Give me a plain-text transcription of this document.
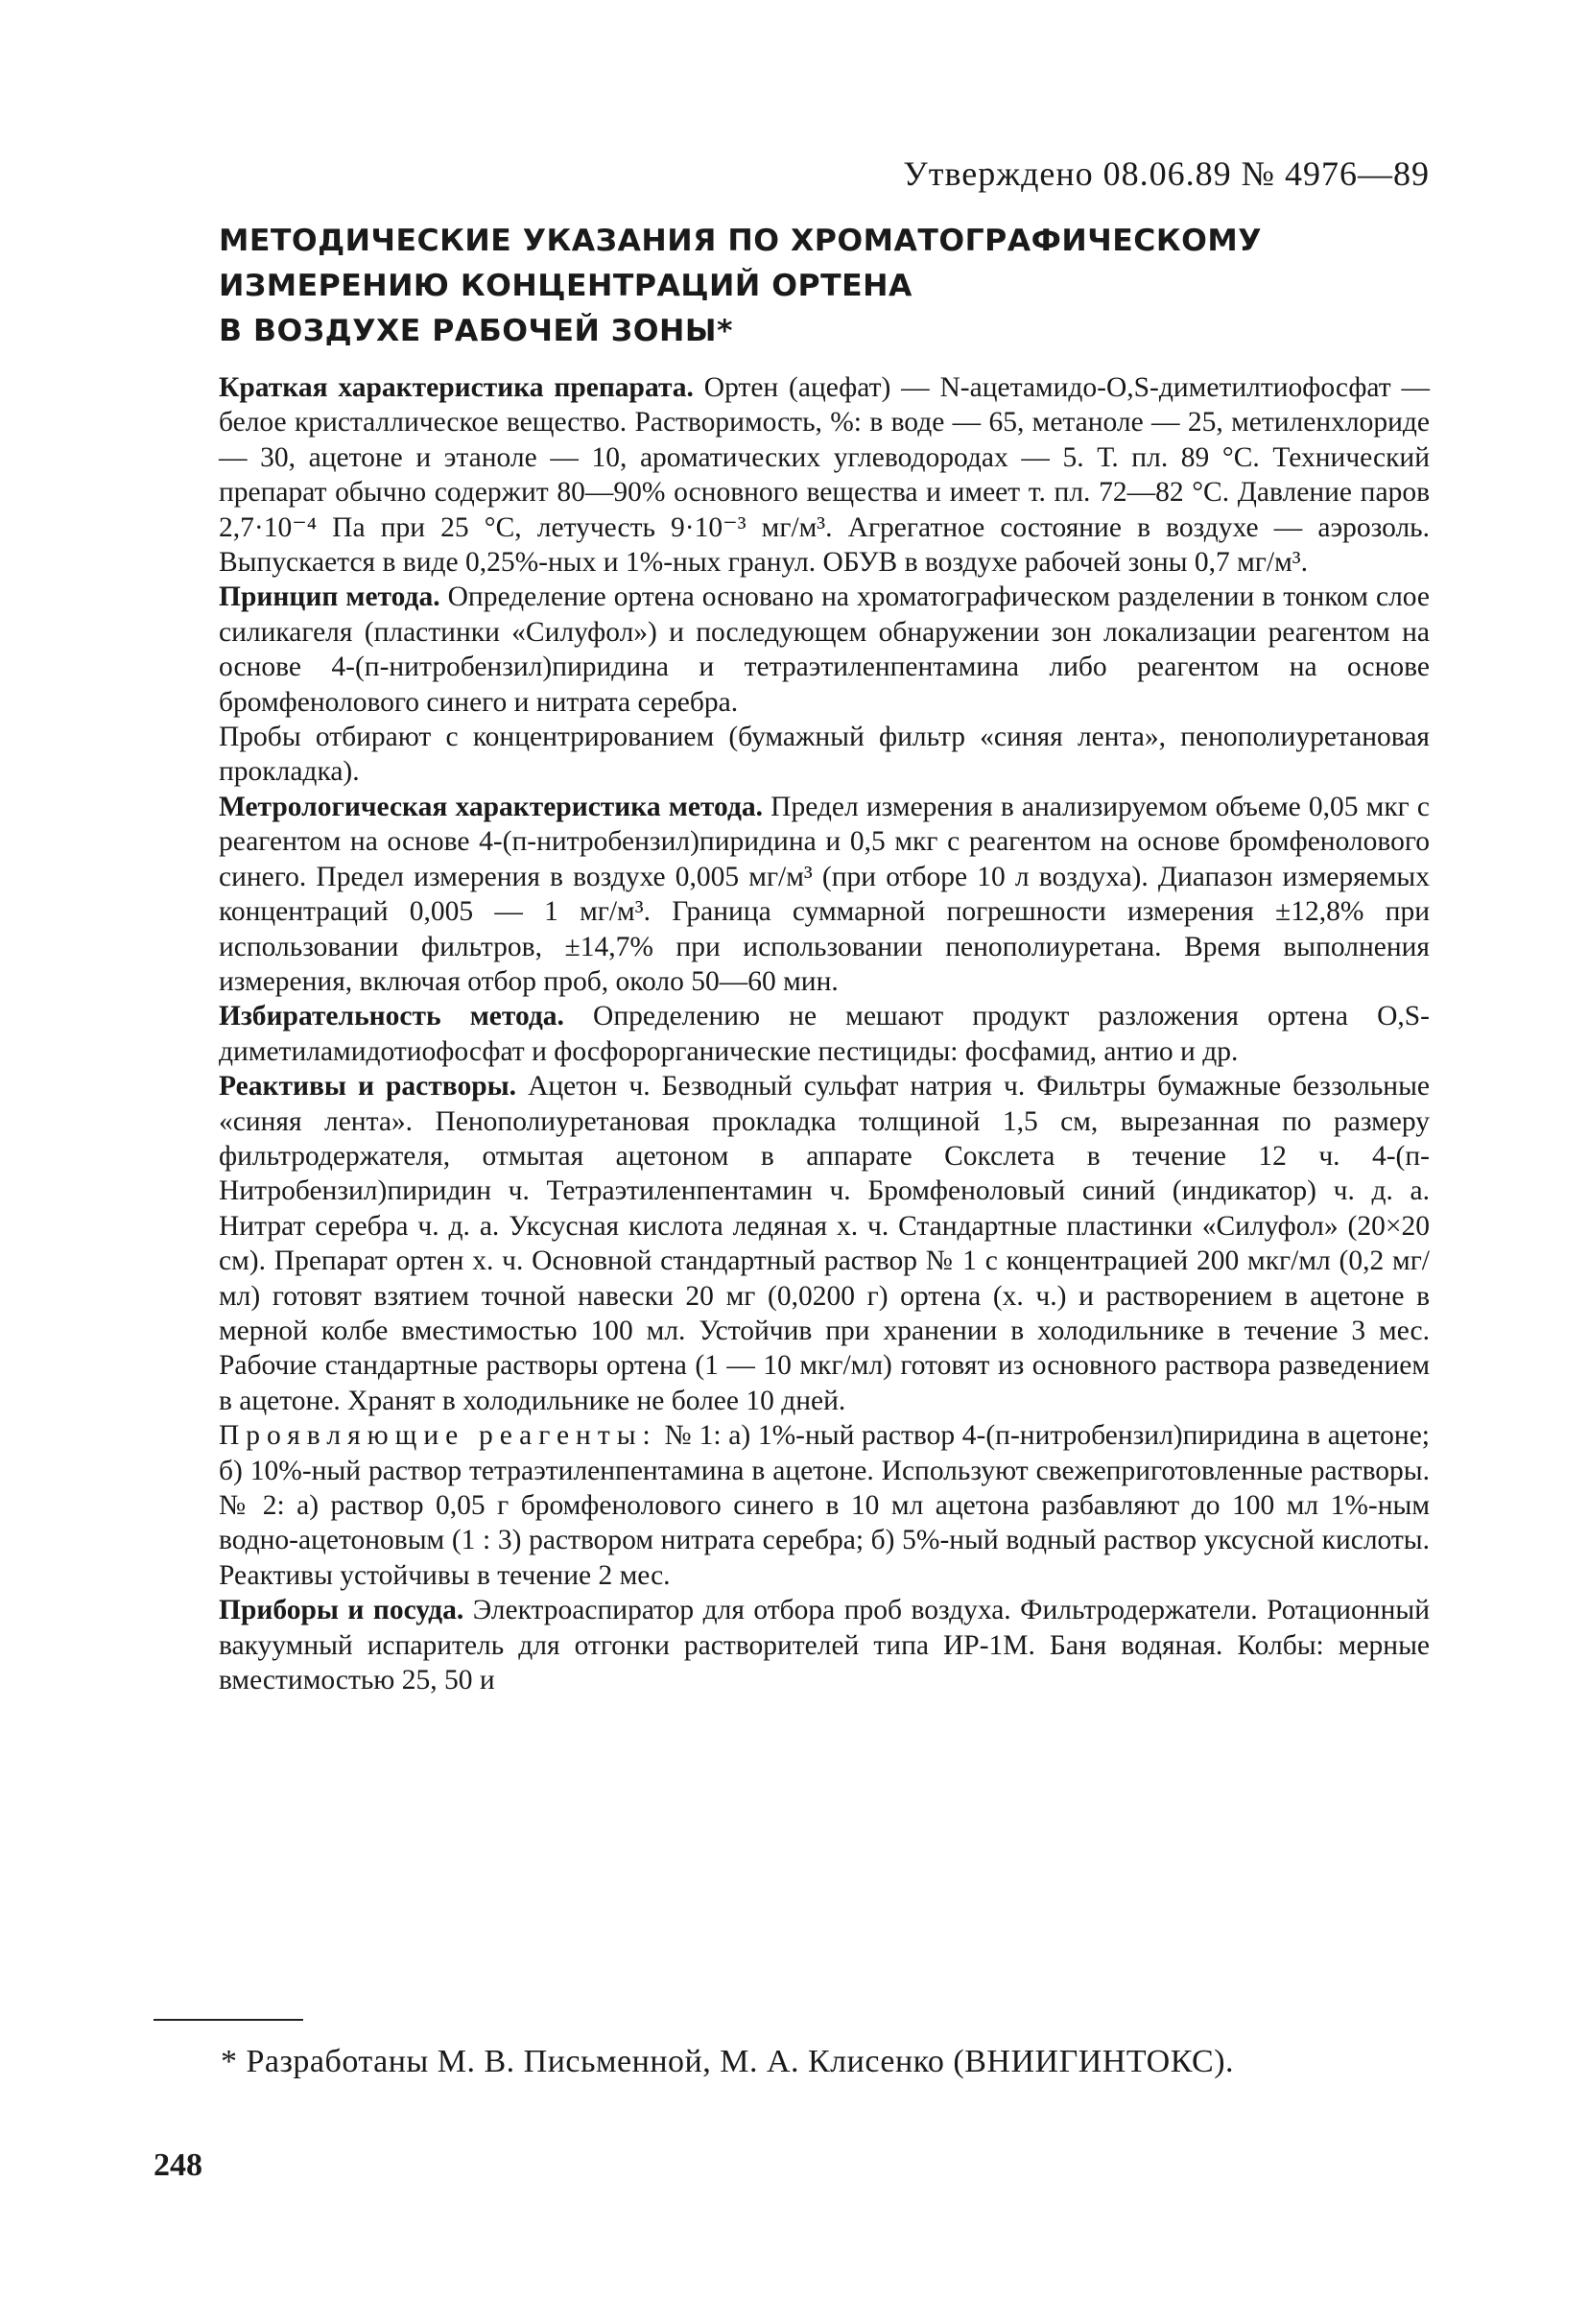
Утверждено 08.06.89 № 4976—89

МЕТОДИЧЕСКИЕ УКАЗАНИЯ ПО ХРОМАТОГРАФИЧЕСКОМУ
ИЗМЕРЕНИЮ КОНЦЕНТРАЦИЙ ОРТЕНА
В ВОЗДУХЕ РАБОЧЕЙ ЗОНЫ*

Краткая характеристика препарата. Ортен (ацефат) — N-ацетамидо-O,S-диметилтиофосфат — белое кристаллическое вещество. Растворимость, %: в воде — 65, метаноле — 25, метиленхлориде — 30, ацетоне и этаноле — 10, ароматических углеводородах — 5. Т. пл. 89 °С. Технический препарат обычно содержит 80—90% основного вещества и имеет т. пл. 72—82 °С. Давление паров 2,7·10⁻⁴ Па при 25 °С, летучесть 9·10⁻³ мг/м³. Агрегатное состояние в воздухе — аэрозоль. Выпускается в виде 0,25%-ных и 1%-ных гранул. ОБУВ в воздухе рабочей зоны 0,7 мг/м³.

Принцип метода. Определение ортена основано на хроматографическом разделении в тонком слое силикагеля (пластинки «Силуфол») и последующем обнаружении зон локализации реагентом на основе 4-(п-нитробензил)пиридина и тетраэтиленпентамина либо реагентом на основе бромфенолового синего и нитрата серебра.

Пробы отбирают с концентрированием (бумажный фильтр «синяя лента», пенополиуретановая прокладка).

Метрологическая характеристика метода. Предел измерения в анализируемом объеме 0,05 мкг с реагентом на основе 4-(п-нитробензил)пиридина и 0,5 мкг с реагентом на основе бромфенолового синего. Предел измерения в воздухе 0,005 мг/м³ (при отборе 10 л воздуха). Диапазон измеряемых концентраций 0,005 — 1 мг/м³. Граница суммарной погрешности измерения ±12,8% при использовании фильтров, ±14,7% при использовании пенополиуретана. Время выполнения измерения, включая отбор проб, около 50—60 мин.

Избирательность метода. Определению не мешают продукт разложения ортена O,S-диметиламидотиофосфат и фосфорорганические пестициды: фосфамид, антио и др.

Реактивы и растворы. Ацетон ч. Безводный сульфат натрия ч. Фильтры бумажные беззольные «синяя лента». Пенополиуретановая прокладка толщиной 1,5 см, вырезанная по размеру фильтродержателя, отмытая ацетоном в аппарате Сокслета в течение 12 ч. 4-(п-Нитробензил)пиридин ч. Тетраэтиленпентамин ч. Бромфеноловый синий (индикатор) ч. д. а. Нитрат серебра ч. д. а. Уксусная кислота ледяная х. ч. Стандартные пластинки «Силуфол» (20×20 см). Препарат ортен х. ч. Основной стандартный раствор № 1 с концентрацией 200 мкг/мл (0,2 мг/мл) готовят взятием точной навески 20 мг (0,0200 г) ортена (х. ч.) и растворением в ацетоне в мерной колбе вместимостью 100 мл. Устойчив при хранении в холодильнике в течение 3 мес. Рабочие стандартные растворы ортена (1 — 10 мкг/мл) готовят из основного раствора разведением в ацетоне. Хранят в холодильнике не более 10 дней.

Проявляющие реагенты: № 1: а) 1%-ный раствор 4-(п-нитробензил)пиридина в ацетоне; б) 10%-ный раствор тетраэтиленпентамина в ацетоне. Используют свежеприготовленные растворы. № 2: а) раствор 0,05 г бромфенолового синего в 10 мл ацетона разбавляют до 100 мл 1%-ным водно-ацетоновым (1 : 3) раствором нитрата серебра; б) 5%-ный водный раствор уксусной кислоты. Реактивы устойчивы в течение 2 мес.

Приборы и посуда. Электроаспиратор для отбора проб воздуха. Фильтродержатели. Ротационный вакуумный испаритель для отгонки растворителей типа ИР-1М. Баня водяная. Колбы: мерные вместимостью 25, 50 и

* Разработаны М. В. Письменной, М. А. Клисенко (ВНИИГИНТОКС).

248
